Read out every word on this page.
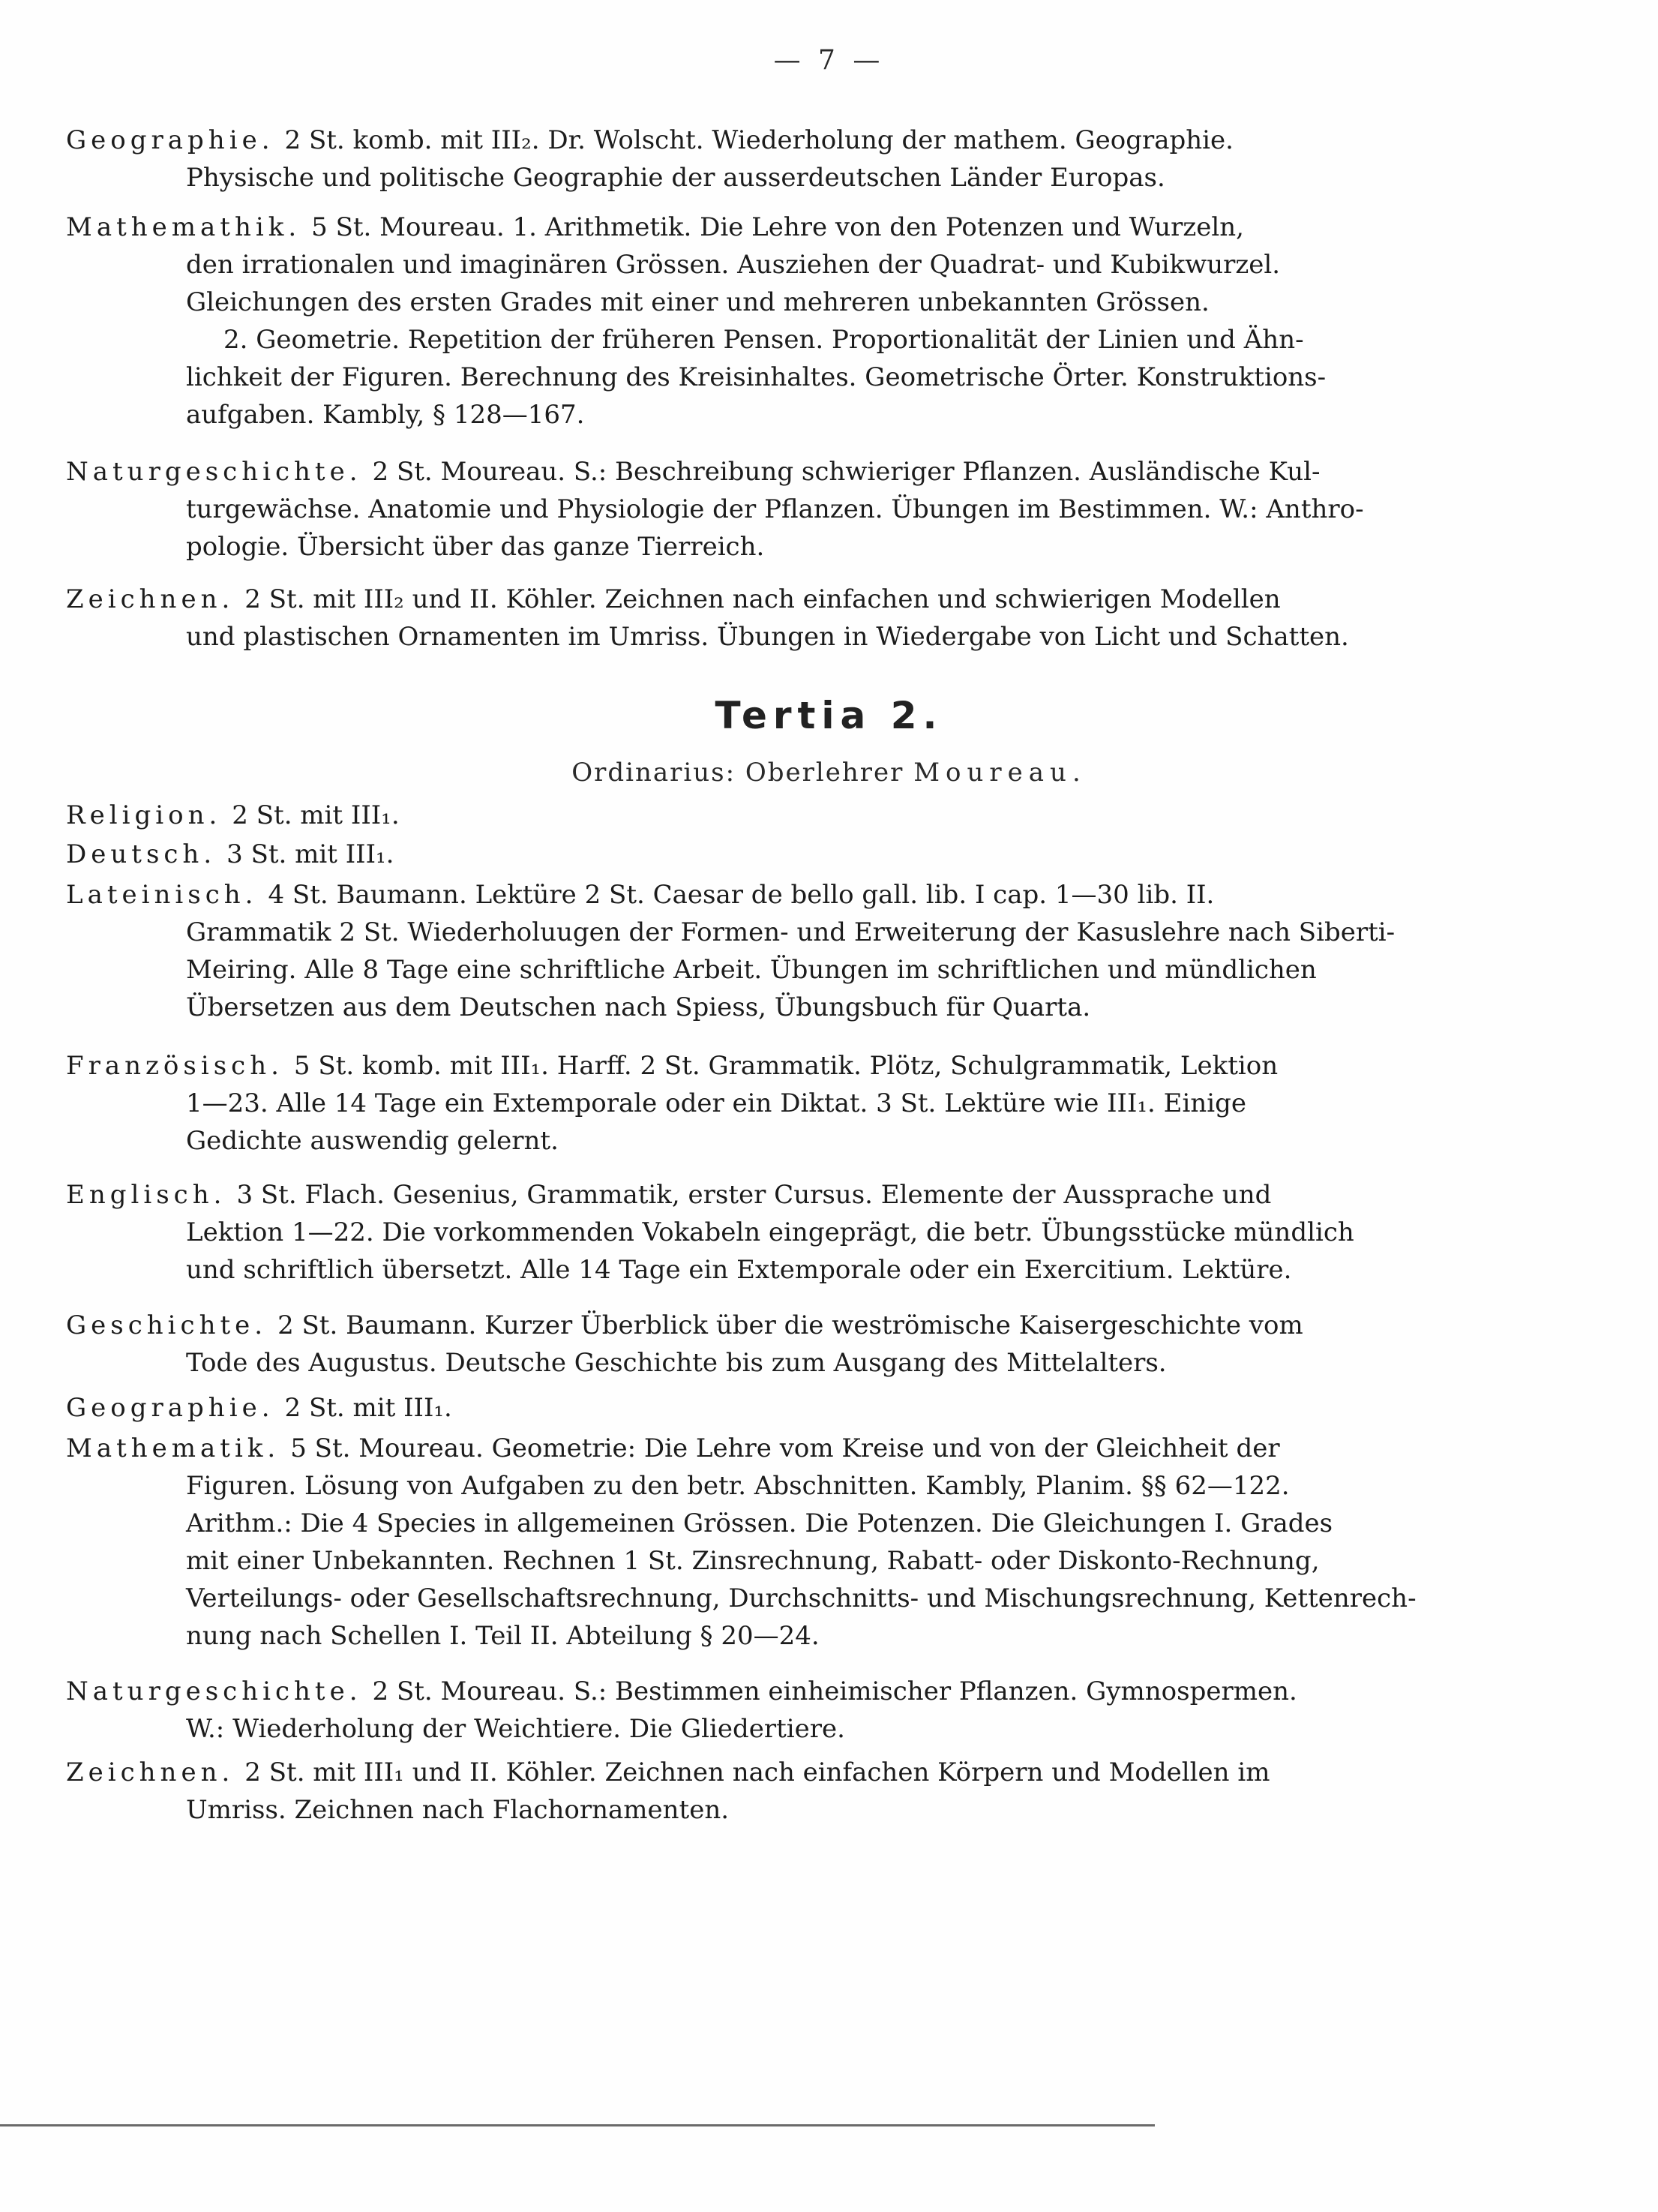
— 7 —
Geographie. 2 St. komb. mit III₂. Dr. Wolscht. Wiederholung der mathem. Geographie.
Physische und politische Geographie der ausserdeutschen Länder Europas.
Mathemathik. 5 St. Moureau. 1. Arithmetik. Die Lehre von den Potenzen und Wurzeln,
den irrationalen und imaginären Grössen. Ausziehen der Quadrat- und Kubikwurzel.
Gleichungen des ersten Grades mit einer und mehreren unbekannten Grössen.
2. Geometrie. Repetition der früheren Pensen. Proportionalität der Linien und Ähn-
lichkeit der Figuren. Berechnung des Kreisinhaltes. Geometrische Örter. Konstruktions-
aufgaben. Kambly, § 128—167.
Naturgeschichte. 2 St. Moureau. S.: Beschreibung schwieriger Pflanzen. Ausländische Kul-
turgewächse. Anatomie und Physiologie der Pflanzen. Übungen im Bestimmen. W.: Anthro-
pologie. Übersicht über das ganze Tierreich.
Zeichnen. 2 St. mit III₂ und II. Köhler. Zeichnen nach einfachen und schwierigen Modellen
und plastischen Ornamenten im Umriss. Übungen in Wiedergabe von Licht und Schatten.
Tertia 2.
Ordinarius: Oberlehrer Moureau.
Religion. 2 St. mit III₁.
Deutsch. 3 St. mit III₁.
Lateinisch. 4 St. Baumann. Lektüre 2 St. Caesar de bello gall. lib. I cap. 1—30 lib. II.
Grammatik 2 St. Wiederholuugen der Formen- und Erweiterung der Kasuslehre nach Siberti-
Meiring. Alle 8 Tage eine schriftliche Arbeit. Übungen im schriftlichen und mündlichen
Übersetzen aus dem Deutschen nach Spiess, Übungsbuch für Quarta.
Französisch. 5 St. komb. mit III₁. Harff. 2 St. Grammatik. Plötz, Schulgrammatik, Lektion
1—23. Alle 14 Tage ein Extemporale oder ein Diktat. 3 St. Lektüre wie III₁. Einige
Gedichte auswendig gelernt.
Englisch. 3 St. Flach. Gesenius, Grammatik, erster Cursus. Elemente der Aussprache und
Lektion 1—22. Die vorkommenden Vokabeln eingeprägt, die betr. Übungsstücke mündlich
und schriftlich übersetzt. Alle 14 Tage ein Extemporale oder ein Exercitium. Lektüre.
Geschichte. 2 St. Baumann. Kurzer Überblick über die weströmische Kaisergeschichte vom
Tode des Augustus. Deutsche Geschichte bis zum Ausgang des Mittelalters.
Geographie. 2 St. mit III₁.
Mathematik. 5 St. Moureau. Geometrie: Die Lehre vom Kreise und von der Gleichheit der
Figuren. Lösung von Aufgaben zu den betr. Abschnitten. Kambly, Planim. §§ 62—122.
Arithm.: Die 4 Species in allgemeinen Grössen. Die Potenzen. Die Gleichungen I. Grades
mit einer Unbekannten. Rechnen 1 St. Zinsrechnung, Rabatt- oder Diskonto-Rechnung,
Verteilungs- oder Gesellschaftsrechnung, Durchschnitts- und Mischungsrechnung, Kettenrech-
nung nach Schellen I. Teil II. Abteilung § 20—24.
Naturgeschichte. 2 St. Moureau. S.: Bestimmen einheimischer Pflanzen. Gymnospermen.
W.: Wiederholung der Weichtiere. Die Gliedertiere.
Zeichnen. 2 St. mit III₁ und II. Köhler. Zeichnen nach einfachen Körpern und Modellen im
Umriss. Zeichnen nach Flachornamenten.
